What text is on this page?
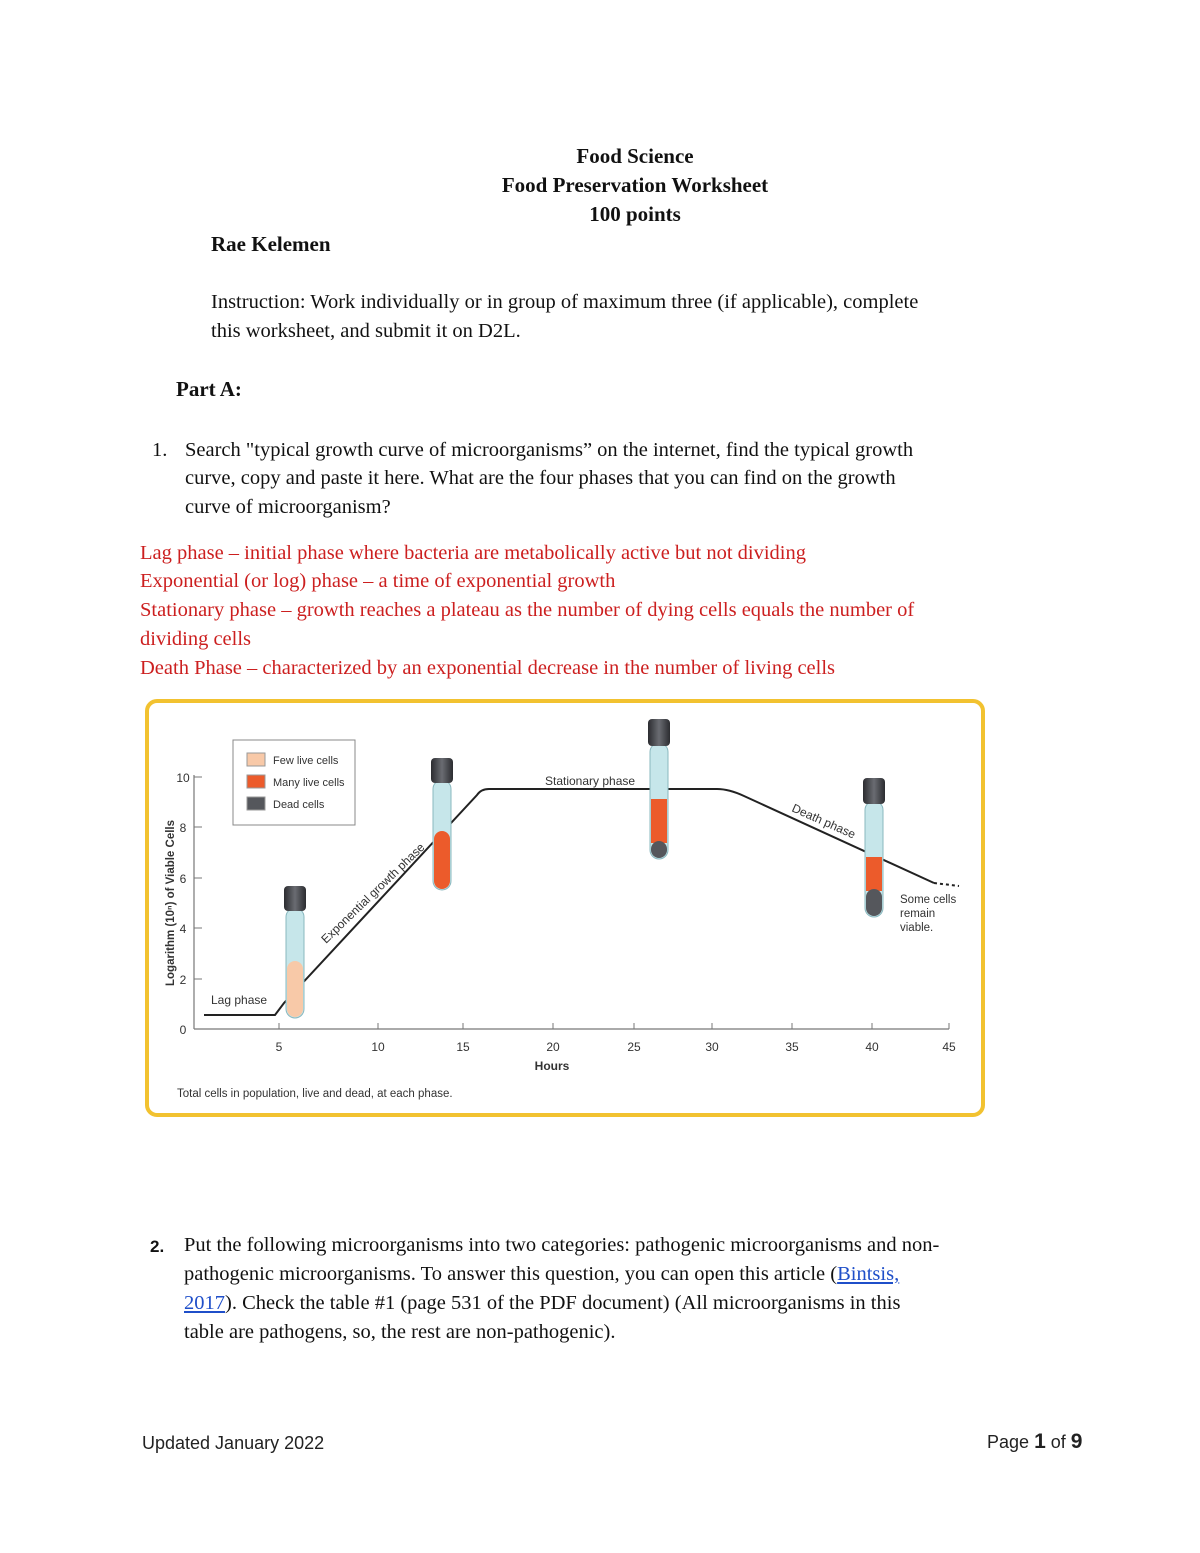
Food Science
Food Preservation Worksheet
100 points
Rae Kelemen
Instruction: Work individually or in group of maximum three (if applicable), complete
this worksheet, and submit it on D2L.
Part A:
1. Search "typical growth curve of microorganisms” on the internet, find the typical growth
curve, copy and paste it here. What are the four phases that you can find on the growth
curve of microorganism?
Lag phase – initial phase where bacteria are metabolically active but not dividing
Exponential (or log) phase – a time of exponential growth
Stationary phase – growth reaches a plateau as the number of dying cells equals the number of
dividing cells
Death Phase – characterized by an exponential decrease in the number of living cells
0
2
4
6
8
10
5	10	15	20	25	30	35	40	45
Hours
Logarithm (10ⁿ) of Viable Cells
Lag phase
Exponential growth phase
Stationary phase
Death phase
Some cells
remain
viable.
Few live cells
Many live cells
Dead cells
Total cells in population, live and dead, at each phase.
2. Put the following microorganisms into two categories: pathogenic microorganisms and non-
pathogenic microorganisms. To answer this question, you can open this article (Bintsis,
2017). Check the table #1 (page 531 of the PDF document) (All microorganisms in this
table are pathogens, so, the rest are non-pathogenic).
Updated January 2022	Page 1 of 9
